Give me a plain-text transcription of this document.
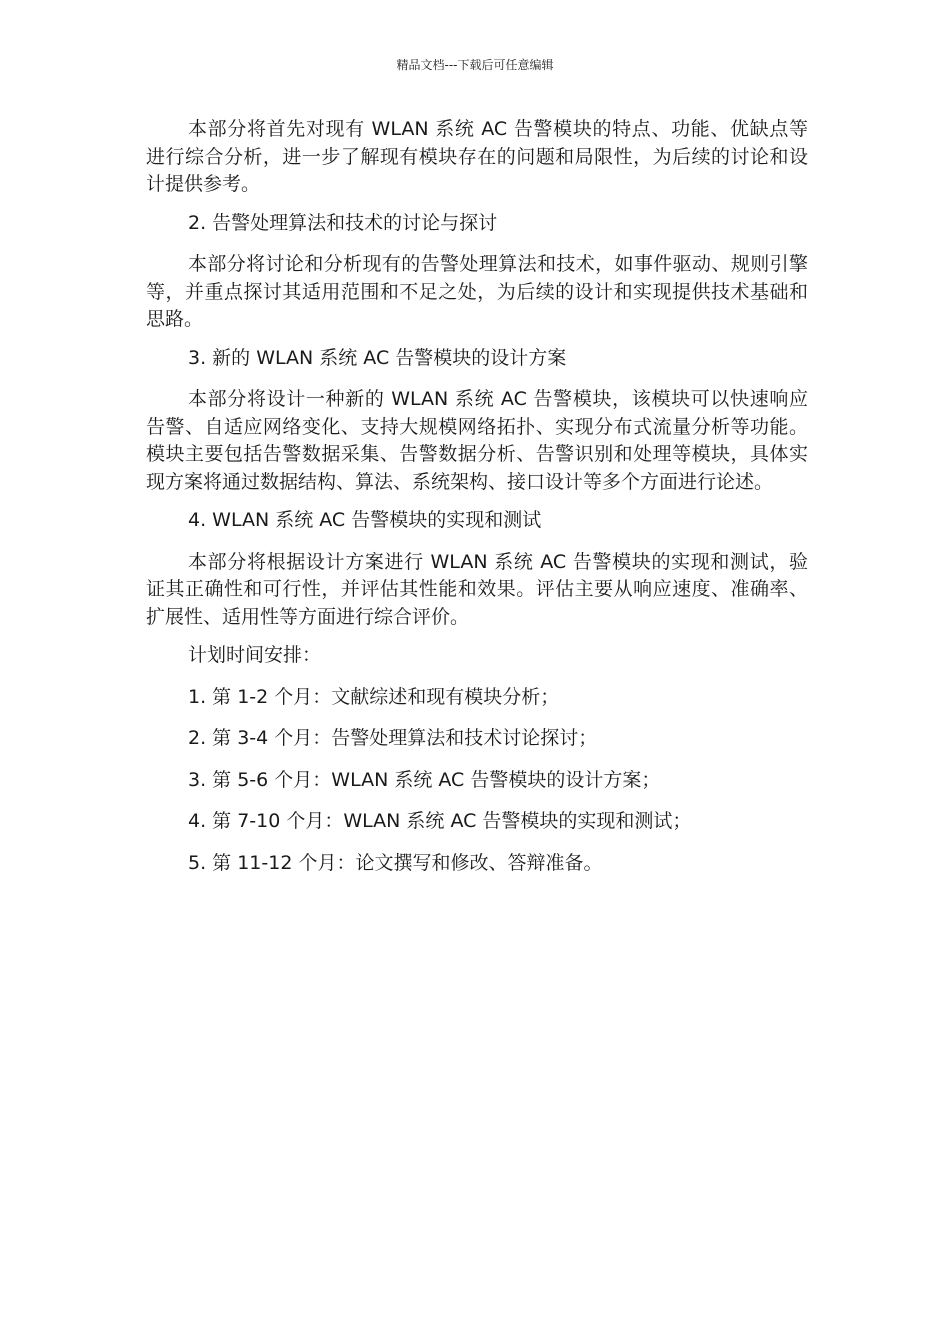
精品文档---下载后可任意编辑

本部分将首先对现有 WLAN 系统 AC 告警模块的特点、功能、优缺点等进行综合分析，进一步了解现有模块存在的问题和局限性，为后续的讨论和设计提供参考。

2. 告警处理算法和技术的讨论与探讨

本部分将讨论和分析现有的告警处理算法和技术，如事件驱动、规则引擎等，并重点探讨其适用范围和不足之处，为后续的设计和实现提供技术基础和思路。

3. 新的 WLAN 系统 AC 告警模块的设计方案

本部分将设计一种新的 WLAN 系统 AC 告警模块，该模块可以快速响应告警、自适应网络变化、支持大规模网络拓扑、实现分布式流量分析等功能。模块主要包括告警数据采集、告警数据分析、告警识别和处理等模块，具体实现方案将通过数据结构、算法、系统架构、接口设计等多个方面进行论述。

4. WLAN 系统 AC 告警模块的实现和测试

本部分将根据设计方案进行 WLAN 系统 AC 告警模块的实现和测试，验证其正确性和可行性，并评估其性能和效果。评估主要从响应速度、准确率、扩展性、适用性等方面进行综合评价。

计划时间安排：

1. 第 1-2 个月：文献综述和现有模块分析；

2. 第 3-4 个月：告警处理算法和技术讨论探讨；

3. 第 5-6 个月：WLAN 系统 AC 告警模块的设计方案；

4. 第 7-10 个月：WLAN 系统 AC 告警模块的实现和测试；

5. 第 11-12 个月：论文撰写和修改、答辩准备。
